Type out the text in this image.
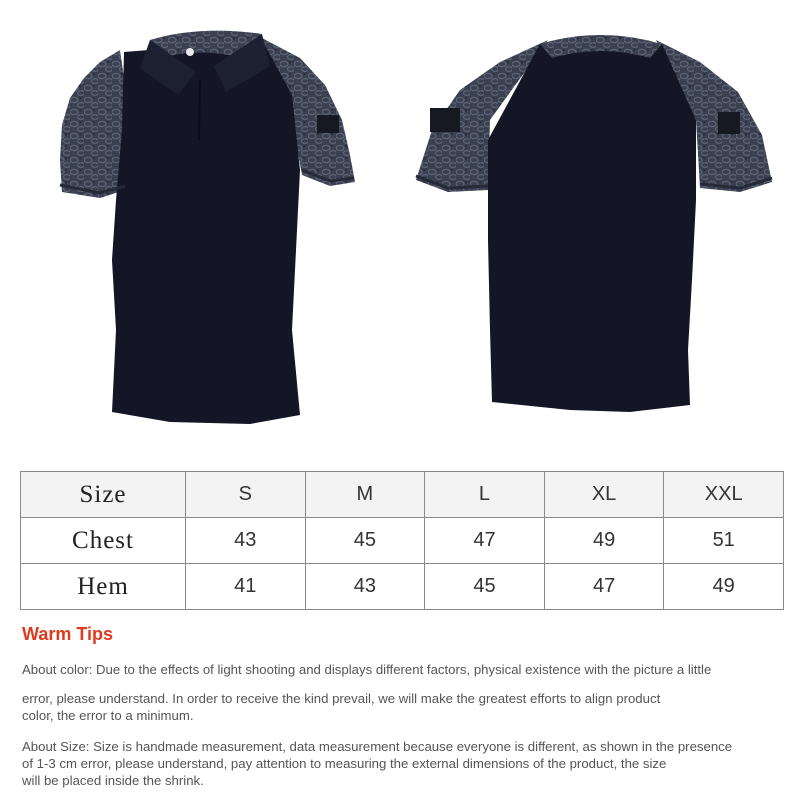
Size	S	M	L	XL	XXL
Chest	43	45	47	49	51
Hem	41	43	45	47	49
Warm Tips

About color: Due to the effects of light shooting and displays different factors, physical existence with the picture a little

error, please understand. In order to receive the kind prevail, we will make the greatest efforts to align product

color, the error to a minimum.

About Size: Size is handmade measurement, data measurement because everyone is different, as shown in the presence

of 1-3 cm error, please understand, pay attention to measuring the external dimensions of the product, the size

will be placed inside the shrink.
